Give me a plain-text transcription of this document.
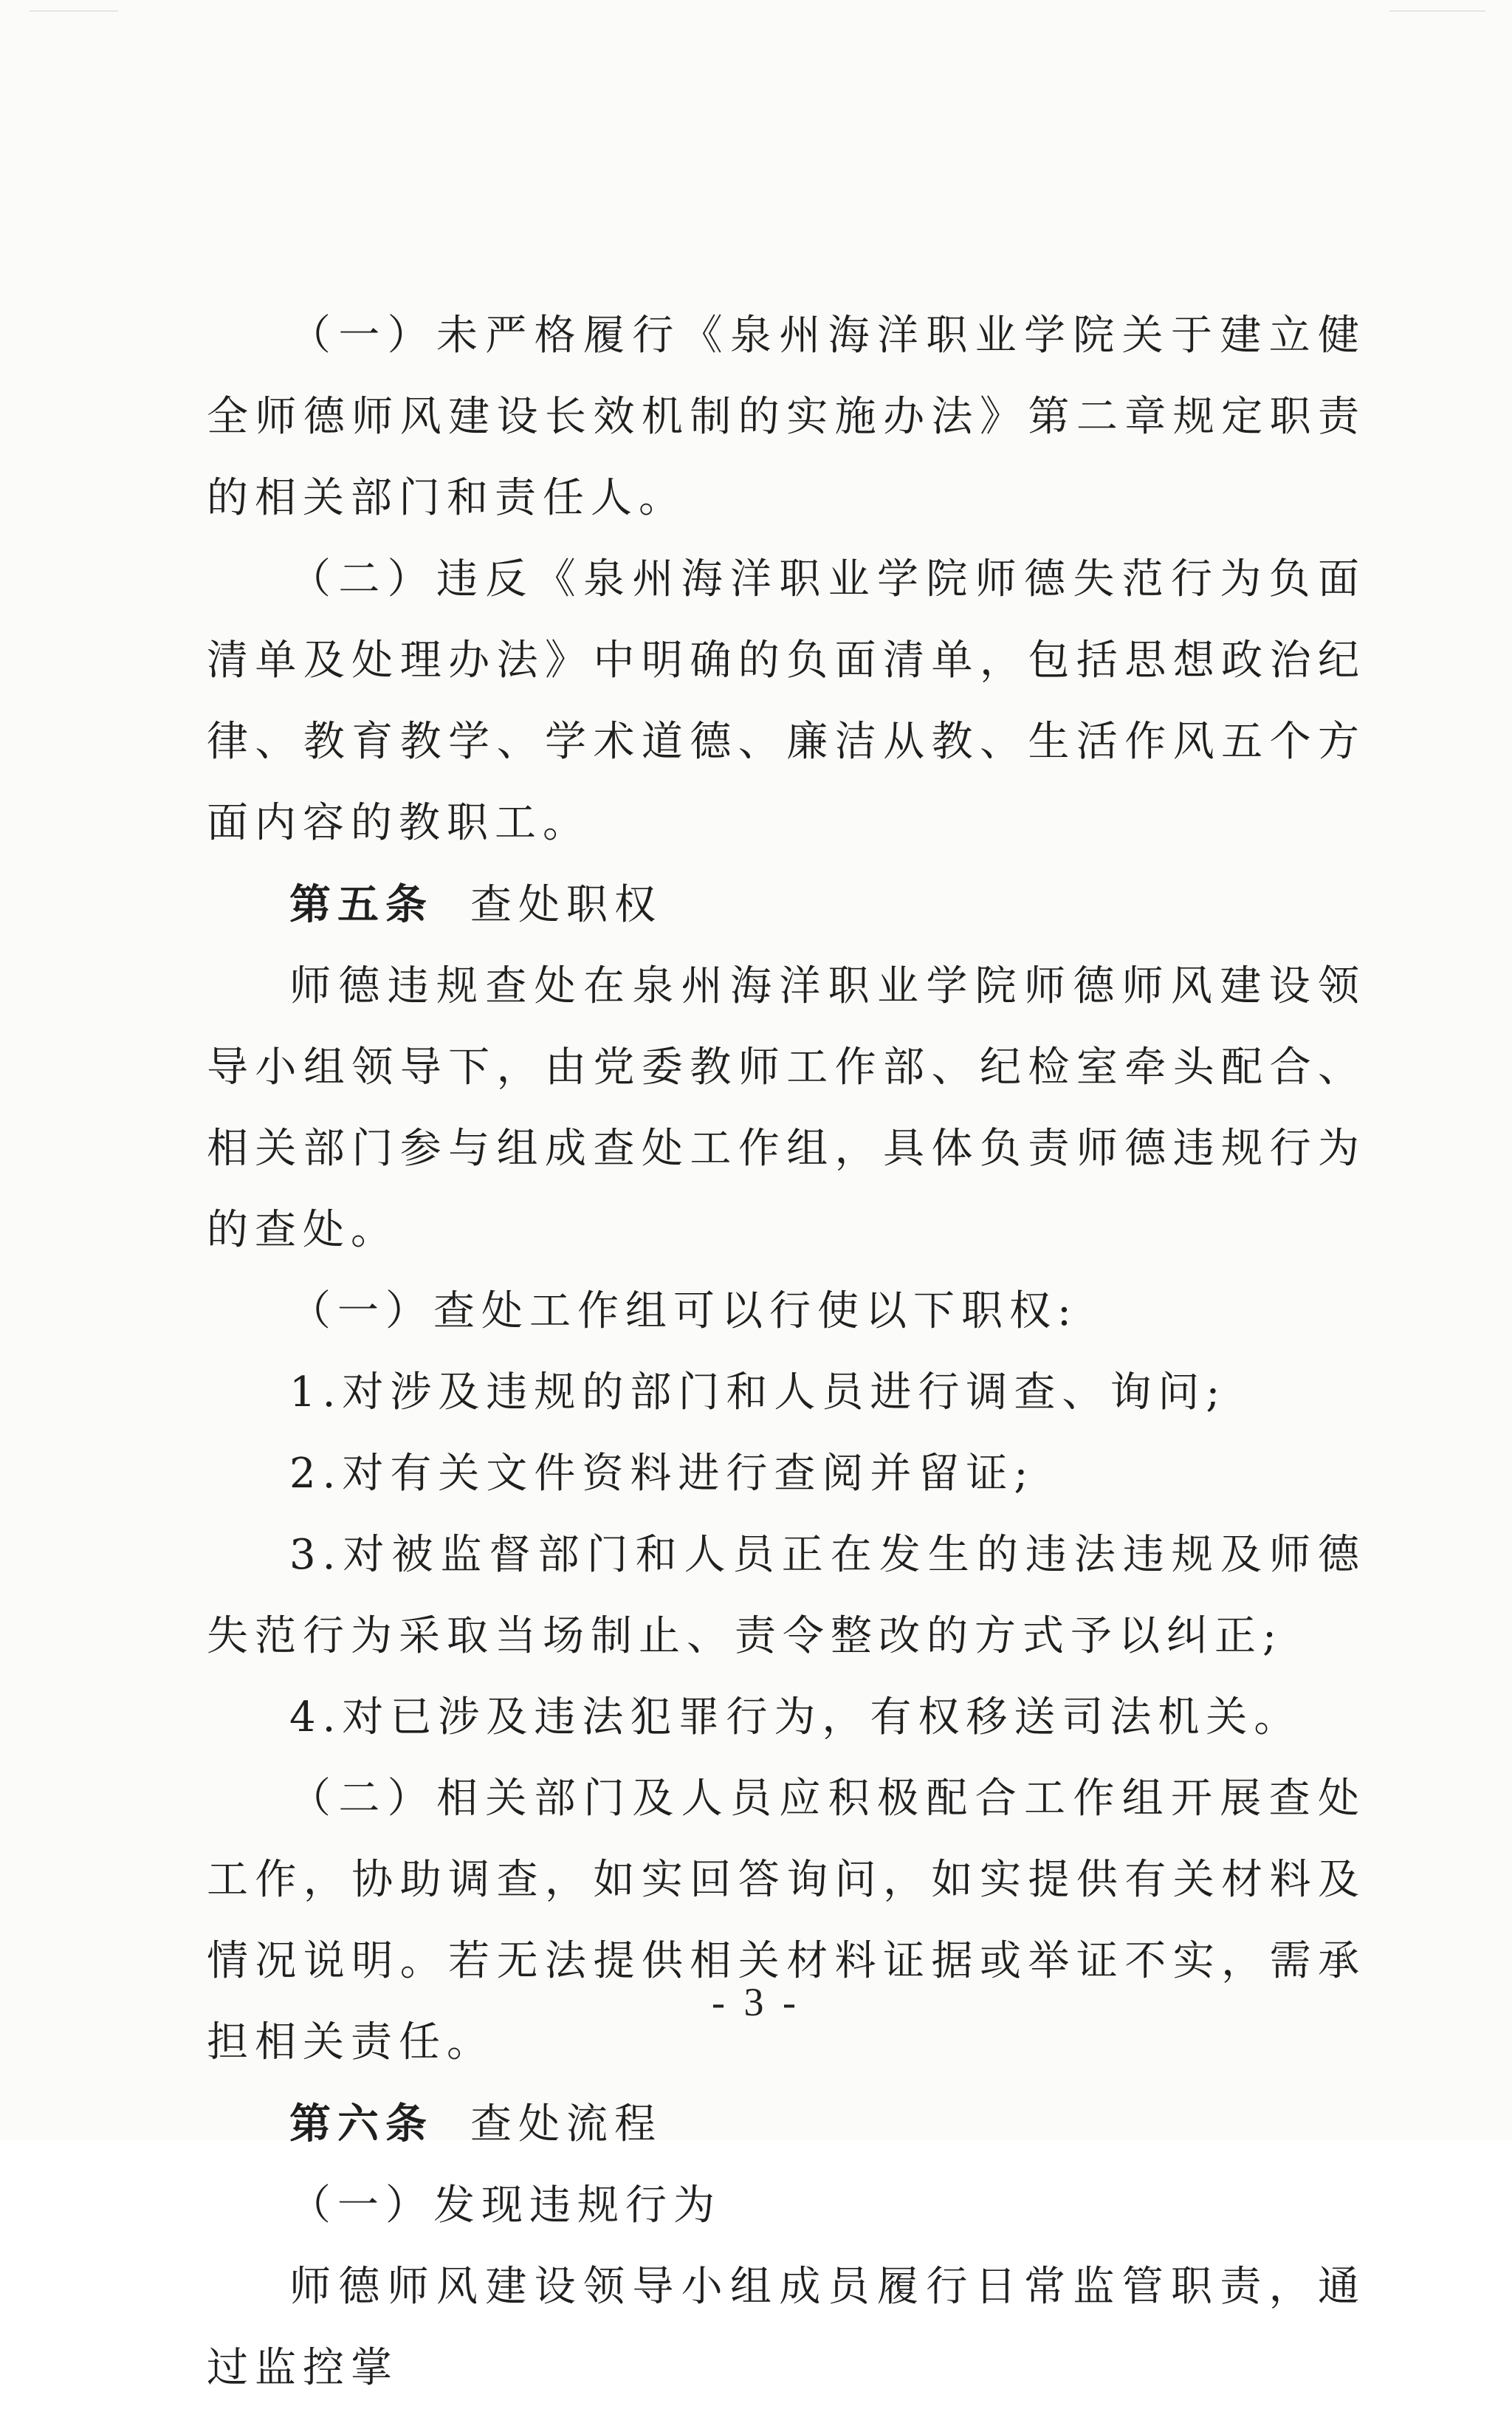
（一）未严格履行《泉州海洋职业学院关于建立健全师德师风建设长效机制的实施办法》第二章规定职责的相关部门和责任人。

（二）违反《泉州海洋职业学院师德失范行为负面清单及处理办法》中明确的负面清单，包括思想政治纪律、教育教学、学术道德、廉洁从教、生活作风五个方面内容的教职工。

第五条 查处职权

师德违规查处在泉州海洋职业学院师德师风建设领导小组领导下，由党委教师工作部、纪检室牵头配合、相关部门参与组成查处工作组，具体负责师德违规行为的查处。

（一）查处工作组可以行使以下职权:

1.对涉及违规的部门和人员进行调查、询问;

2.对有关文件资料进行查阅并留证;

3.对被监督部门和人员正在发生的违法违规及师德失范行为采取当场制止、责令整改的方式予以纠正;

4.对已涉及违法犯罪行为，有权移送司法机关。

（二）相关部门及人员应积极配合工作组开展查处工作，协助调查，如实回答询问，如实提供有关材料及情况说明。若无法提供相关材料证据或举证不实，需承担相关责任。

第六条 查处流程

（一）发现违规行为

师德师风建设领导小组成员履行日常监管职责，通过监控掌

- 3 -
